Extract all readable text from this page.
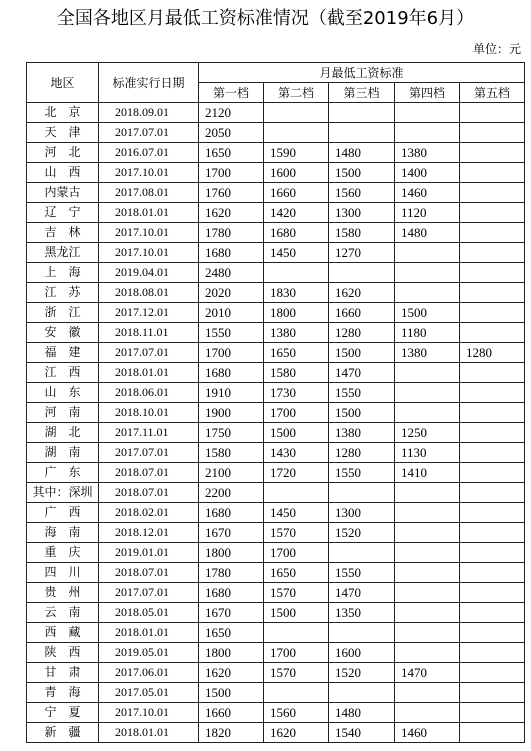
全国各地区月最低工资标准情况（截至2019年6月）
单位：元
地区	标准实行日期	月最低工资标准				
		第一档	第二档	第三档	第四档	第五档
北　京	2018.09.01	2120				
天　津	2017.07.01	2050				
河　北	2016.07.01	1650	1590	1480	1380	
山　西	2017.10.01	1700	1600	1500	1400	
内蒙古	2017.08.01	1760	1660	1560	1460	
辽　宁	2018.01.01	1620	1420	1300	1120	
吉　林	2017.10.01	1780	1680	1580	1480	
黑龙江	2017.10.01	1680	1450	1270		
上　海	2019.04.01	2480				
江　苏	2018.08.01	2020	1830	1620		
浙　江	2017.12.01	2010	1800	1660	1500	
安　徽	2018.11.01	1550	1380	1280	1180	
福　建	2017.07.01	1700	1650	1500	1380	1280
江　西	2018.01.01	1680	1580	1470		
山　东	2018.06.01	1910	1730	1550		
河　南	2018.10.01	1900	1700	1500		
湖　北	2017.11.01	1750	1500	1380	1250	
湖　南	2017.07.01	1580	1430	1280	1130	
广　东	2018.07.01	2100	1720	1550	1410	
其中：深圳	2018.07.01	2200				
广　西	2018.02.01	1680	1450	1300		
海　南	2018.12.01	1670	1570	1520		
重　庆	2019.01.01	1800	1700			
四　川	2018.07.01	1780	1650	1550		
贵　州	2017.07.01	1680	1570	1470		
云　南	2018.05.01	1670	1500	1350		
西　藏	2018.01.01	1650				
陕　西	2019.05.01	1800	1700	1600		
甘　肃	2017.06.01	1620	1570	1520	1470	
青　海	2017.05.01	1500				
宁　夏	2017.10.01	1660	1560	1480		
新　疆	2018.01.01	1820	1620	1540	1460	
